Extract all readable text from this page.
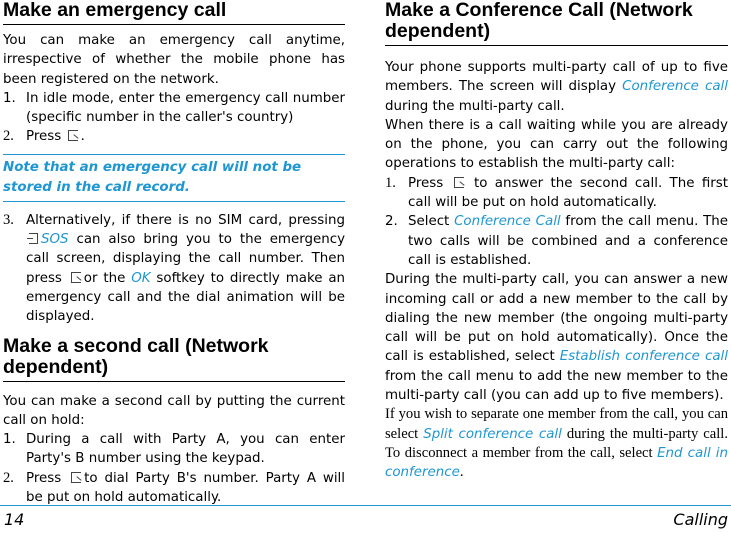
Make an emergency call

You can make an emergency call anytime, irrespective of whether the mobile phone has been registered on the network.

1. In idle mode, enter the emergency call number (specific number in the caller's country)
2. Press .
Note that an emergency call will not be stored in the call record.
3. Alternatively, if there is no SIM card, pressing SOS can also bring you to the emergency call screen, displaying the call number. Then press or the OK softkey to directly make an emergency call and the dial animation will be displayed.
Make a second call (Network dependent)

You can make a second call by putting the current call on hold:

1. During a call with Party A, you can enter Party's B number using the keypad.
2. Press to dial Party B's number. Party A will be put on hold automatically.
Make a Conference Call (Network dependent)

Your phone supports multi-party call of up to five members. The screen will display Conference call during the multi-party call.

When there is a call waiting while you are already on the phone, you can carry out the following operations to establish the multi-party call:

1. Press to answer the second call. The first call will be put on hold automatically.
2. Select Conference Call from the call menu. The two calls will be combined and a conference call is established.

During the multi-party call, you can answer a new incoming call or add a new member to the call by dialing the new member (the ongoing multi-party call will be put on hold automatically). Once the call is established, select Establish conference call from the call menu to add the new member to the multi-party call (you can add up to five members).

If you wish to separate one member from the call, you can select Split conference call during the multi-party call. To disconnect a member from the call, select End call in conference.

14	Calling
